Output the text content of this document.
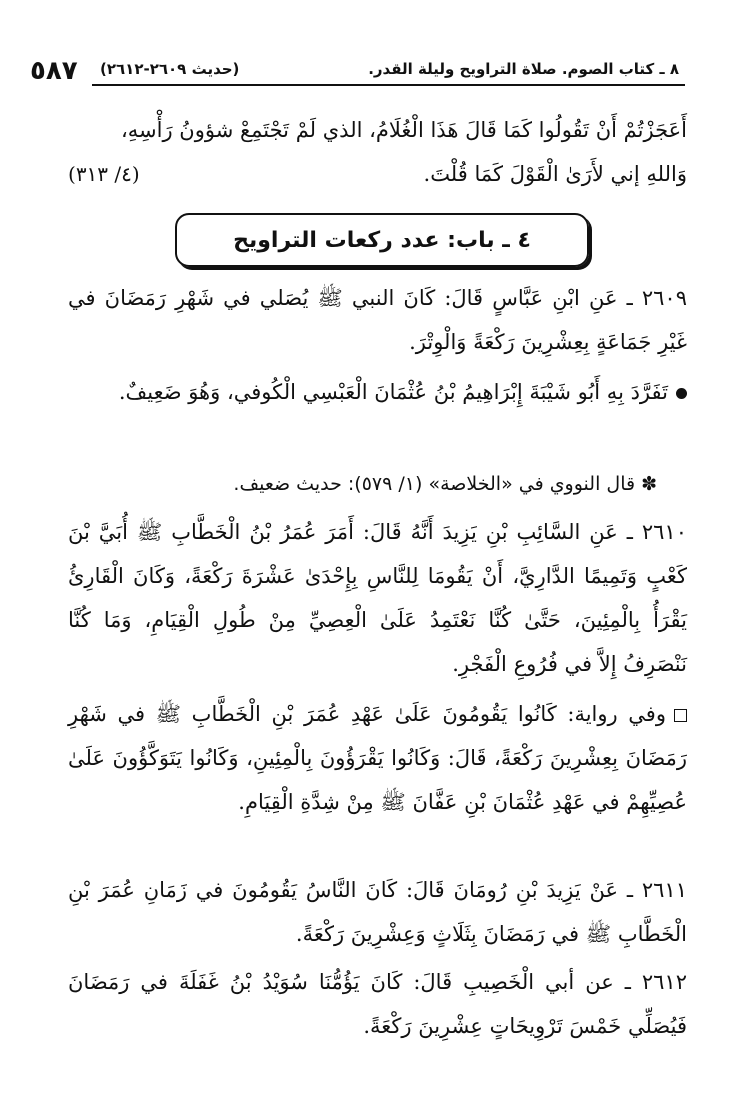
٥٨٧ (حديث ٢٦٠٩-٢٦١٢)	٨ ـ كتاب الصوم. صلاة التراويح وليلة القدر.

أَعَجَزْتُمْ أَنْ تَقُولُوا كَمَا قَالَ هَذَا الْغُلَامُ، الذي لَمْ تَجْتَمِعْ شؤونُ رَأْسِهِ،

وَاللهِ إني لأَرَىٰ الْقَوْلَ كَمَا قُلْتَ.
(٤/ ٣١٣)

٤ ـ باب: عدد ركعات التراويح

٢٦٠٩ ـ عَنِ ابْنِ عَبَّاسٍ قَالَ: كَانَ النبي ﷺ يُصَلي في شَهْرِ رَمَضَانَ في غَيْرِ جَمَاعَةٍ بِعِشْرِينَ رَكْعَةً وَالْوِتْرَ.

تَفَرَّدَ بِهِ أَبُو شَيْبَةَ إِبْرَاهِيمُ بْنُ عُثْمَانَ الْعَبْسِي الْكُوفي، وَهُوَ ضَعِيفٌ.

✽قال النووي في «الخلاصة» (١/ ٥٧٩): حديث ضعيف.

٢٦١٠ ـ عَنِ السَّائِبِ بْنِ يَزِيدَ أَنَّهُ قَالَ: أَمَرَ عُمَرُ بْنُ الْخَطَّابِ ﷺ أُبَيَّ بْنَ كَعْبٍ وَتَمِيمًا الدَّارِيَّ، أَنْ يَقُومَا لِلنَّاسِ بِإِحْدَىٰ عَشْرَةَ رَكْعَةً، وَكَانَ الْقَارِئُ يَقْرَأُ بِالْمِئِينَ، حَتَّىٰ كُنَّا نَعْتَمِدُ عَلَىٰ الْعِصِيِّ مِنْ طُولِ الْقِيَامِ، وَمَا كُنَّا نَنْصَرِفُ إِلاَّ في فُرُوعِ الْفَجْرِ.

وفي رواية: كَانُوا يَقُومُونَ عَلَىٰ عَهْدِ عُمَرَ بْنِ الْخَطَّابِ ﷺ في شَهْرِ رَمَضَانَ بِعِشْرِينَ رَكْعَةً، قَالَ: وَكَانُوا يَقْرَؤُونَ بِالْمِئِينِ، وَكَانُوا يَتَوَكَّؤُونَ عَلَىٰ عُصِيِّهِمْ في عَهْدِ عُثْمَانَ بْنِ عَفَّانَ ﷺ مِنْ شِدَّةِ الْقِيَامِ.

٢٦١١ ـ عَنْ يَزِيدَ بْنِ رُومَانَ قَالَ: كَانَ النَّاسُ يَقُومُونَ في زَمَانِ عُمَرَ بْنِ الْخَطَّابِ ﷺ في رَمَضَانَ بِثَلَاثٍ وَعِشْرِينَ رَكْعَةً.

٢٦١٢ ـ عن أبي الْخَصِيبِ قَالَ: كَانَ يَؤُمُّنَا سُوَيْدُ بْنُ غَفَلَةَ في رَمَضَانَ فَيُصَلِّي خَمْسَ تَرْوِيحَاتٍ عِشْرِينَ رَكْعَةً.
